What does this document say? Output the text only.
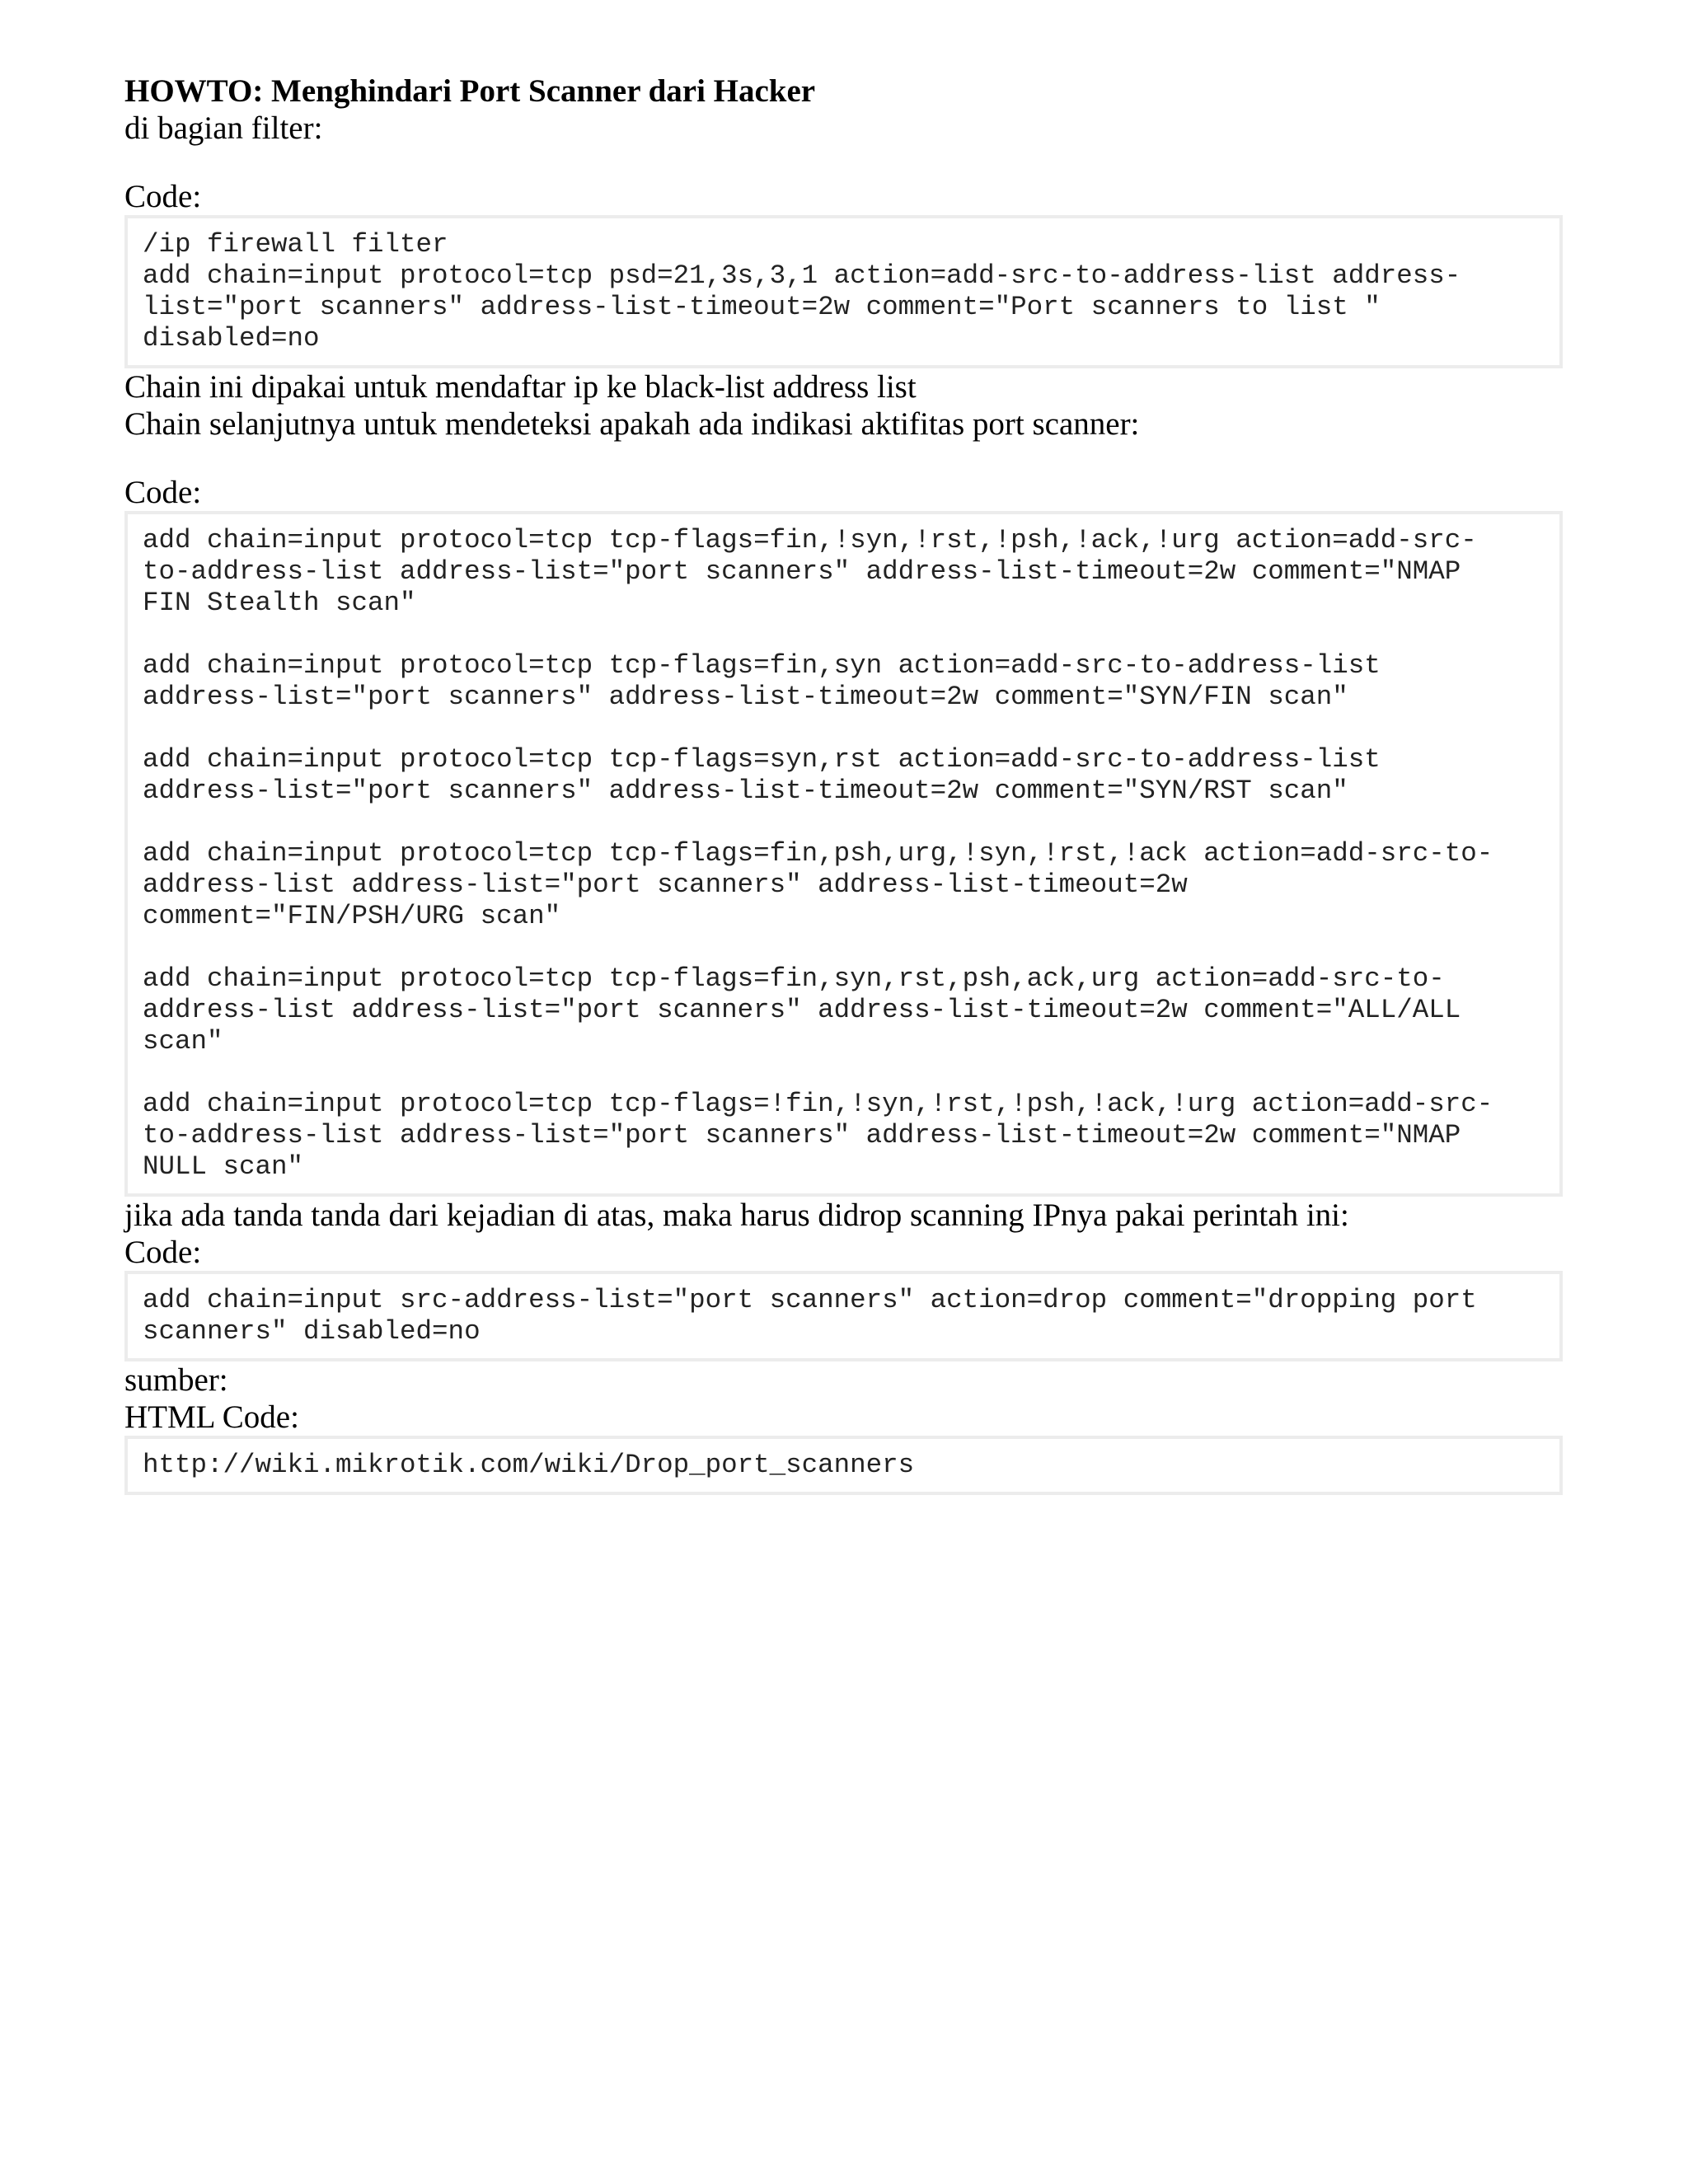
HOWTO: Menghindari Port Scanner dari Hacker
di bagian filter:
Code:
/ip firewall filter
add chain=input protocol=tcp psd=21,3s,3,1 action=add-src-to-address-list address-
list="port scanners" address-list-timeout=2w comment="Port scanners to list "
disabled=no
Chain ini dipakai untuk mendaftar ip ke black-list address list
Chain selanjutnya untuk mendeteksi apakah ada indikasi aktifitas port scanner:
Code:
add chain=input protocol=tcp tcp-flags=fin,!syn,!rst,!psh,!ack,!urg action=add-src-
to-address-list address-list="port scanners" address-list-timeout=2w comment="NMAP
FIN Stealth scan"
add chain=input protocol=tcp tcp-flags=fin,syn action=add-src-to-address-list
address-list="port scanners" address-list-timeout=2w comment="SYN/FIN scan"
add chain=input protocol=tcp tcp-flags=syn,rst action=add-src-to-address-list
address-list="port scanners" address-list-timeout=2w comment="SYN/RST scan"
add chain=input protocol=tcp tcp-flags=fin,psh,urg,!syn,!rst,!ack action=add-src-to-
address-list address-list="port scanners" address-list-timeout=2w
comment="FIN/PSH/URG scan"
add chain=input protocol=tcp tcp-flags=fin,syn,rst,psh,ack,urg action=add-src-to-
address-list address-list="port scanners" address-list-timeout=2w comment="ALL/ALL
scan"
add chain=input protocol=tcp tcp-flags=!fin,!syn,!rst,!psh,!ack,!urg action=add-src-
to-address-list address-list="port scanners" address-list-timeout=2w comment="NMAP
NULL scan"
jika ada tanda tanda dari kejadian di atas, maka harus didrop scanning IPnya pakai perintah ini:
Code:
add chain=input src-address-list="port scanners" action=drop comment="dropping port
scanners" disabled=no
sumber:
HTML Code:
http://wiki.mikrotik.com/wiki/Drop_port_scanners
